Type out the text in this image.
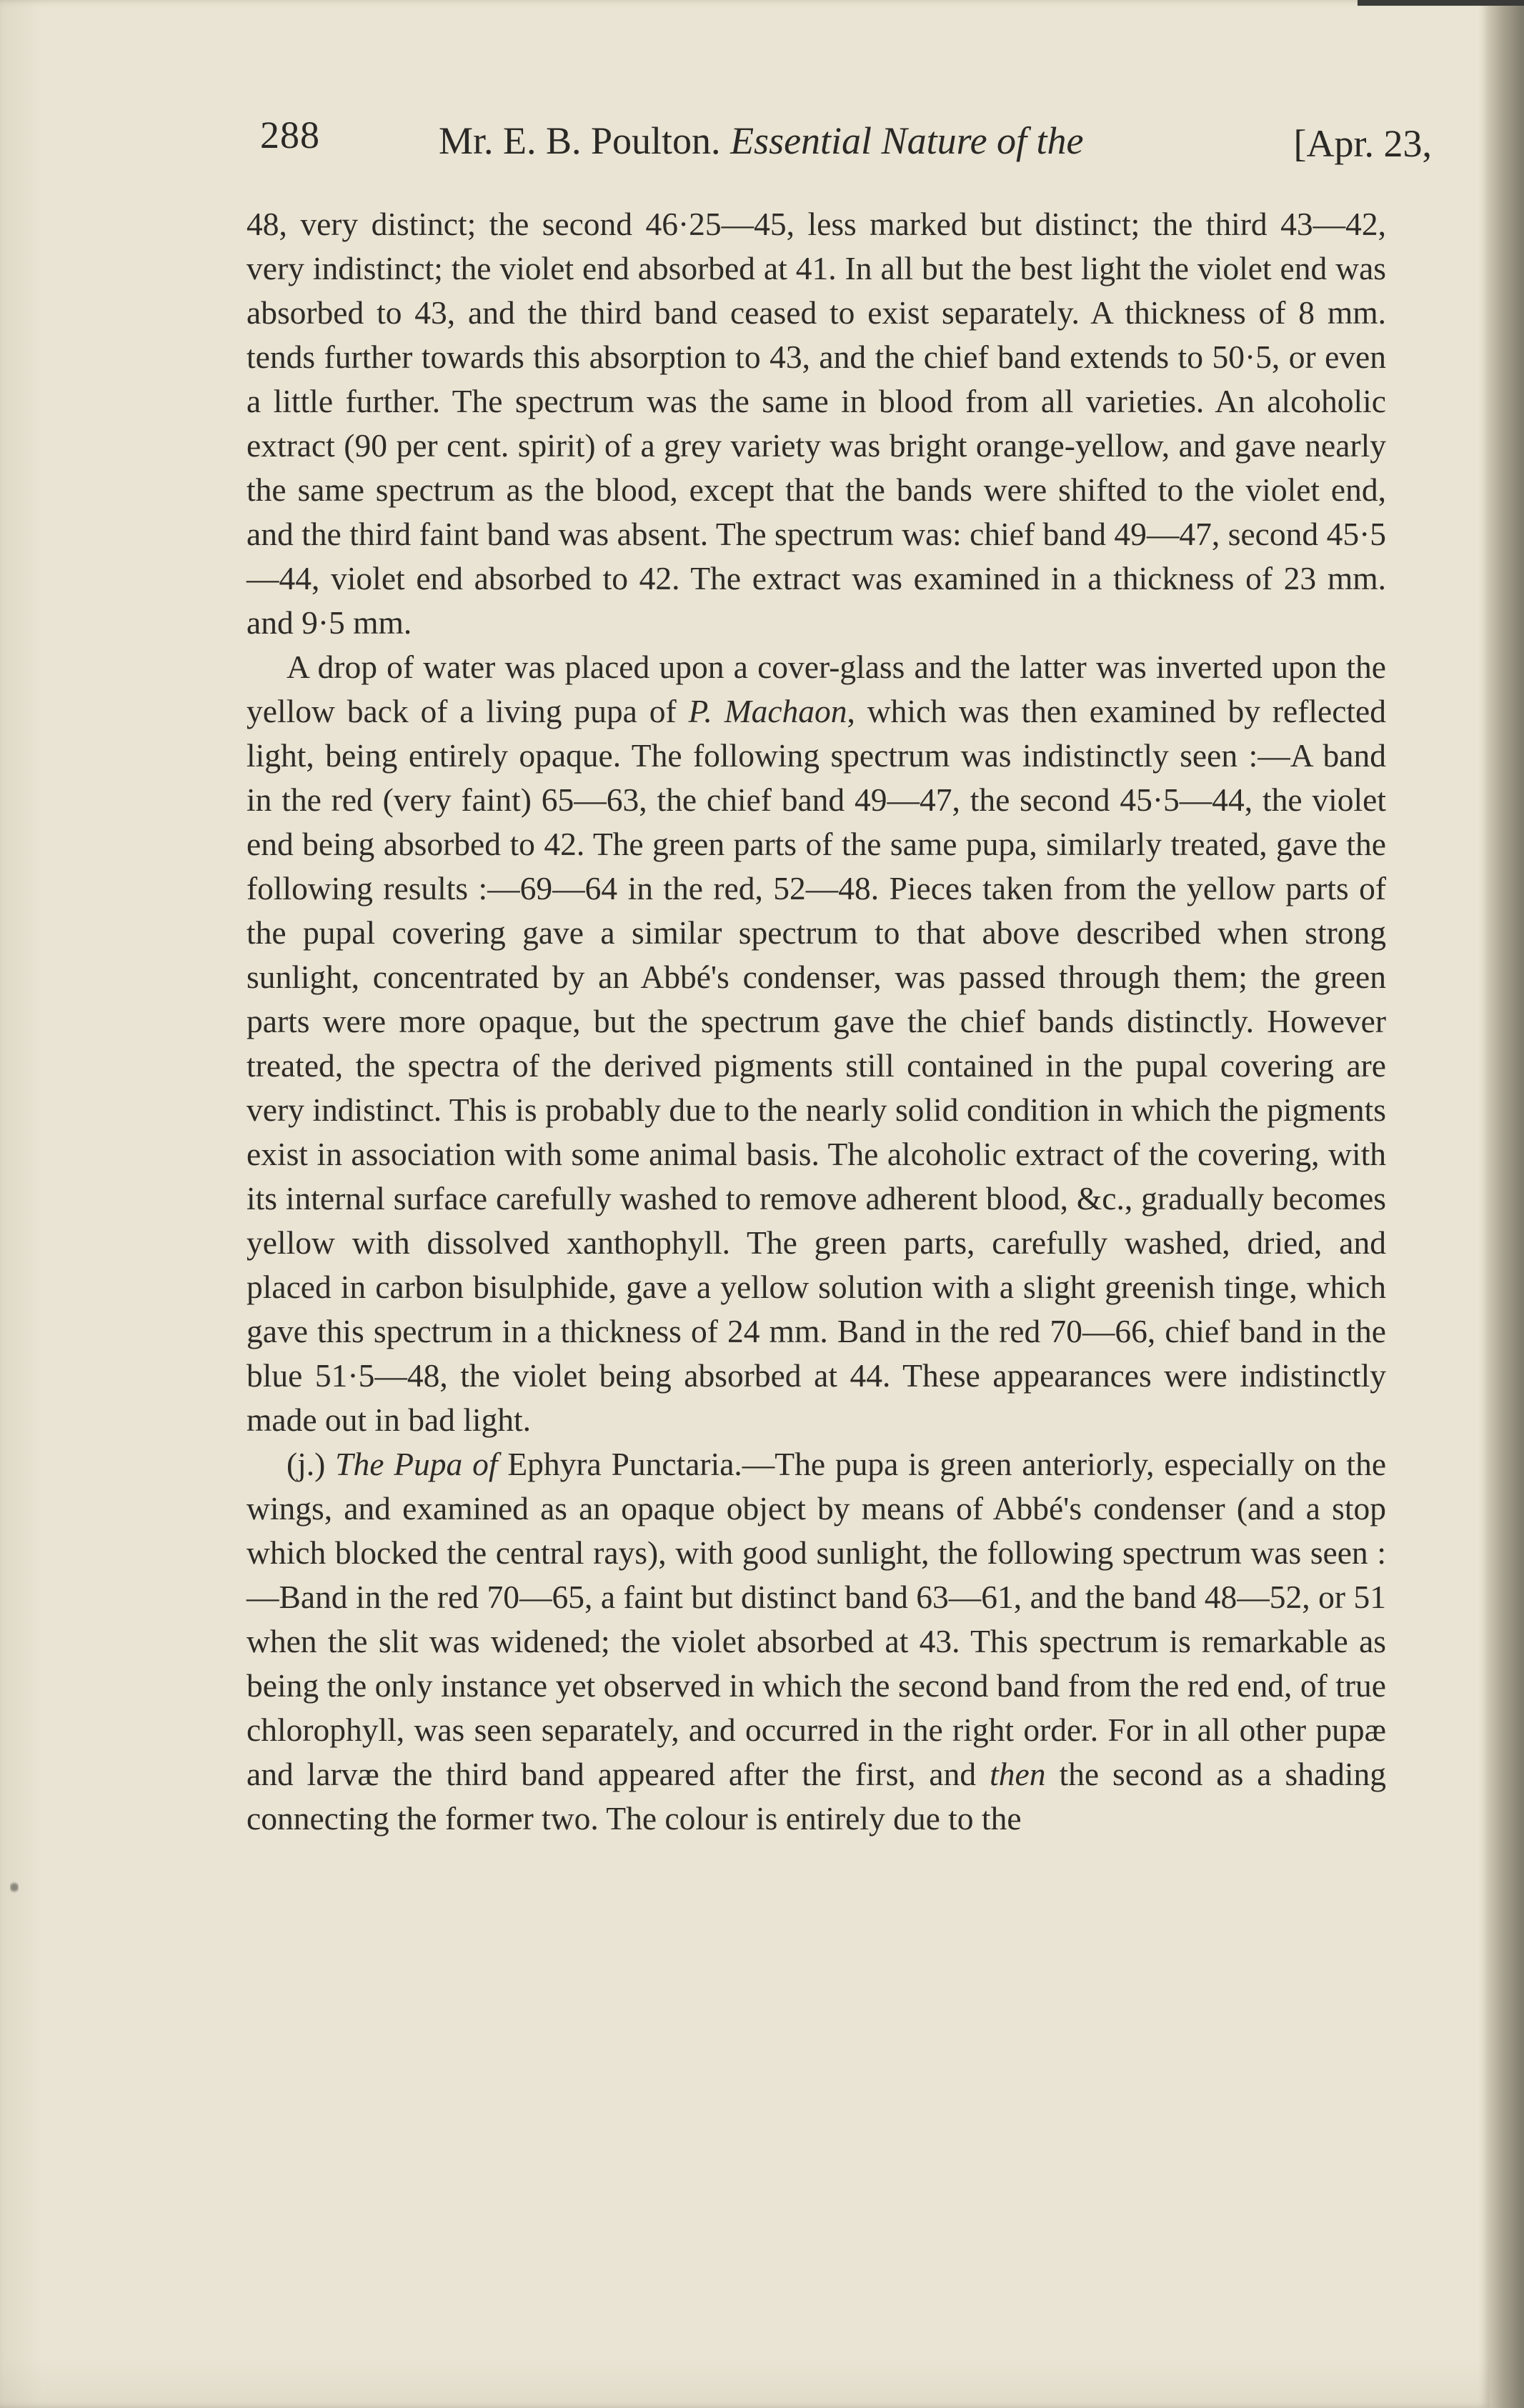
288	Mr. E. B. Poulton. Essential Nature of the	[Apr. 23,

48, very distinct; the second 46·25—45, less marked but distinct; the third 43—42, very indistinct; the violet end absorbed at 41. In all but the best light the violet end was absorbed to 43, and the third band ceased to exist separately. A thickness of 8 mm. tends further towards this absorption to 43, and the chief band extends to 50·5, or even a little further. The spectrum was the same in blood from all varieties. An alcoholic extract (90 per cent. spirit) of a grey variety was bright orange-yellow, and gave nearly the same spectrum as the blood, except that the bands were shifted to the violet end, and the third faint band was absent. The spectrum was: chief band 49—47, second 45·5—44, violet end absorbed to 42. The extract was examined in a thickness of 23 mm. and 9·5 mm.

A drop of water was placed upon a cover-glass and the latter was inverted upon the yellow back of a living pupa of P. Machaon, which was then examined by reflected light, being entirely opaque. The following spectrum was indistinctly seen :—A band in the red (very faint) 65—63, the chief band 49—47, the second 45·5—44, the violet end being absorbed to 42. The green parts of the same pupa, similarly treated, gave the following results :—69—64 in the red, 52—48. Pieces taken from the yellow parts of the pupal covering gave a similar spectrum to that above described when strong sunlight, concentrated by an Abbé's condenser, was passed through them; the green parts were more opaque, but the spectrum gave the chief bands distinctly. However treated, the spectra of the derived pigments still contained in the pupal covering are very indistinct. This is probably due to the nearly solid condition in which the pigments exist in association with some animal basis. The alcoholic extract of the covering, with its internal surface carefully washed to remove adherent blood, &c., gradually becomes yellow with dissolved xanthophyll. The green parts, carefully washed, dried, and placed in carbon bisulphide, gave a yellow solution with a slight greenish tinge, which gave this spectrum in a thickness of 24 mm. Band in the red 70—66, chief band in the blue 51·5—48, the violet being absorbed at 44. These appearances were indistinctly made out in bad light.

(j.) The Pupa of Ephyra Punctaria.—The pupa is green anteriorly, especially on the wings, and examined as an opaque object by means of Abbé's condenser (and a stop which blocked the central rays), with good sunlight, the following spectrum was seen :—Band in the red 70—65, a faint but distinct band 63—61, and the band 48—52, or 51 when the slit was widened; the violet absorbed at 43. This spectrum is remarkable as being the only instance yet observed in which the second band from the red end, of true chlorophyll, was seen separately, and occurred in the right order. For in all other pupæ and larvæ the third band appeared after the first, and then the second as a shading connecting the former two. The colour is entirely due to the
